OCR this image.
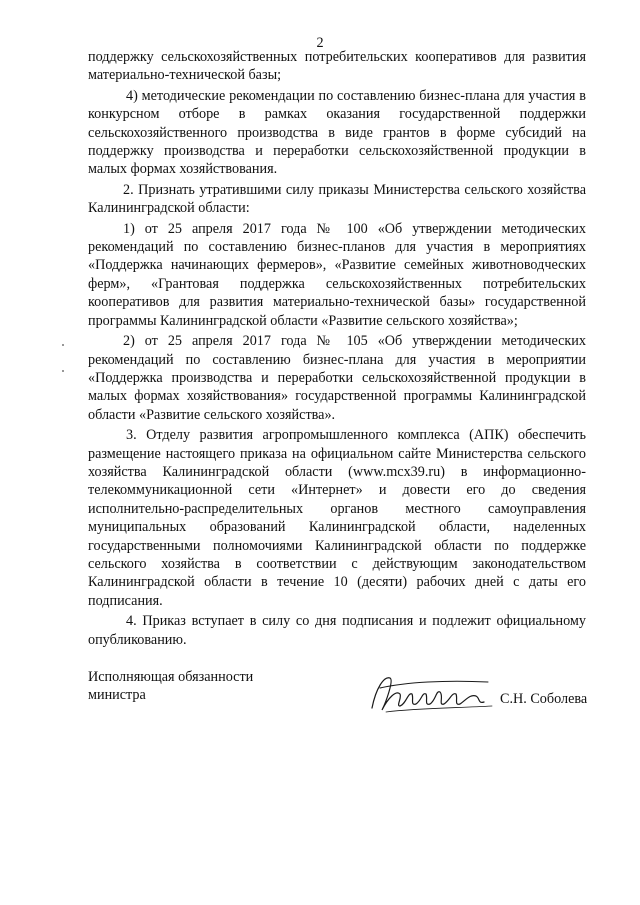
2

поддержку сельскохозяйственных потребительских кооперативов для развития материально-технической базы;

4) методические рекомендации по составлению бизнес-плана для участия в конкурсном отборе в рамках оказания государственной поддержки сельскохозяйственного производства в виде грантов в форме субсидий на поддержку производства и переработки сельскохозяйственной продукции в малых формах хозяйствования.

2. Признать утратившими силу приказы Министерства сельского хозяйства Калининградской области:

1) от 25 апреля 2017 года № 100 «Об утверждении методических рекомендаций по составлению бизнес-планов для участия в мероприятиях «Поддержка начинающих фермеров», «Развитие семейных животноводческих ферм», «Грантовая поддержка сельскохозяйственных потребительских кооперативов для развития материально-технической базы» государственной программы Калининградской области «Развитие сельского хозяйства»;

2) от 25 апреля 2017 года № 105 «Об утверждении методических рекомендаций по составлению бизнес-плана для участия в мероприятии «Поддержка производства и переработки сельскохозяйственной продукции в малых формах хозяйствования» государственной программы Калининградской области «Развитие сельского хозяйства».

3. Отделу развития агропромышленного комплекса (АПК) обеспечить размещение настоящего приказа на официальном сайте Министерства сельского хозяйства Калининградской области (www.mcx39.ru) в информационно-телекоммуникационной сети «Интернет» и довести его до сведения исполнительно-распределительных органов местного самоуправления муниципальных образований Калининградской области, наделенных государственными полномочиями Калининградской области по поддержке сельского хозяйства в соответствии с действующим законодательством Калининградской области в течение 10 (десяти) рабочих дней с даты его подписания.

4. Приказ вступает в силу со дня подписания и подлежит официальному опубликованию.

Исполняющая обязанности
министра	С.Н. Соболева
